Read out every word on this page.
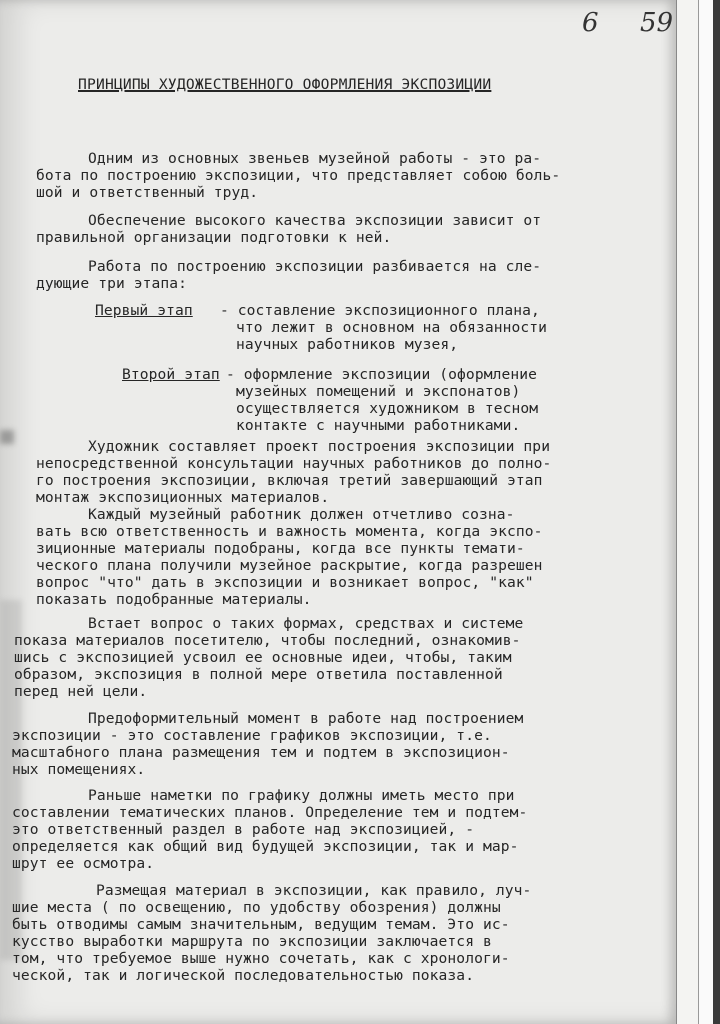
ПРИНЦИПЫ ХУДОЖЕСТВЕННОГО ОФОРМЛЕНИЯ ЭКСПОЗИЦИИ
Одним из основных звеньев музейной работы - это ра-
бота по построению экспозиции, что представляет собою боль-
шой и ответственный труд.
Обеспечение высокого качества экспозиции зависит от
правильной организации подготовки к ней.
Работа по построению экспозиции разбивается на сле-
дующие три этапа:
Первый этап - составление экспозиционного плана,
что лежит в основном на обязанности
научных работников музея,
Второй этап - оформление экспозиции (оформление
музейных помещений и экспонатов)
осуществляется художником в тесном
контакте с научными работниками.
Художник составляет проект построения экспозиции при
непосредственной консультации научных работников до полно-
го построения экспозиции, включая третий завершающий этап
монтаж экспозиционных материалов.
Каждый музейный работник должен отчетливо созна-
вать всю ответственность и важность момента, когда экспо-
зиционные материалы подобраны, когда все пункты темати-
ческого плана получили музейное раскрытие, когда разрешен
вопрос "что" дать в экспозиции и возникает вопрос, "как"
показать подобранные материалы.
Встает вопрос о таких формах, средствах и системе
показа материалов посетителю, чтобы последний, ознакомив-
шись с экспозицией усвоил ее основные идеи, чтобы, таким
образом, экспозиция в полной мере ответила поставленной
перед ней цели.
Предоформительный момент в работе над построением
экспозиции - это составление графиков экспозиции, т.е.
масштабного плана размещения тем и подтем в экспозицион-
ных помещениях.
Раньше наметки по графику должны иметь место при
составлении тематических планов. Определение тем и подтем-
это ответственный раздел в работе над экспозицией, -
определяется как общий вид будущей экспозиции, так и мар-
шрут ее осмотра.
Размещая материал в экспозиции, как правило, луч-
шие места ( по освещению, по удобству обозрения) должны
быть отводимы самым значительным, ведущим темам. Это ис-
кусство выработки маршрута по экспозиции заключается в
том, что требуемое выше нужно сочетать, как с хронологи-
ческой, так и логической последовательностью показа.
6 59
